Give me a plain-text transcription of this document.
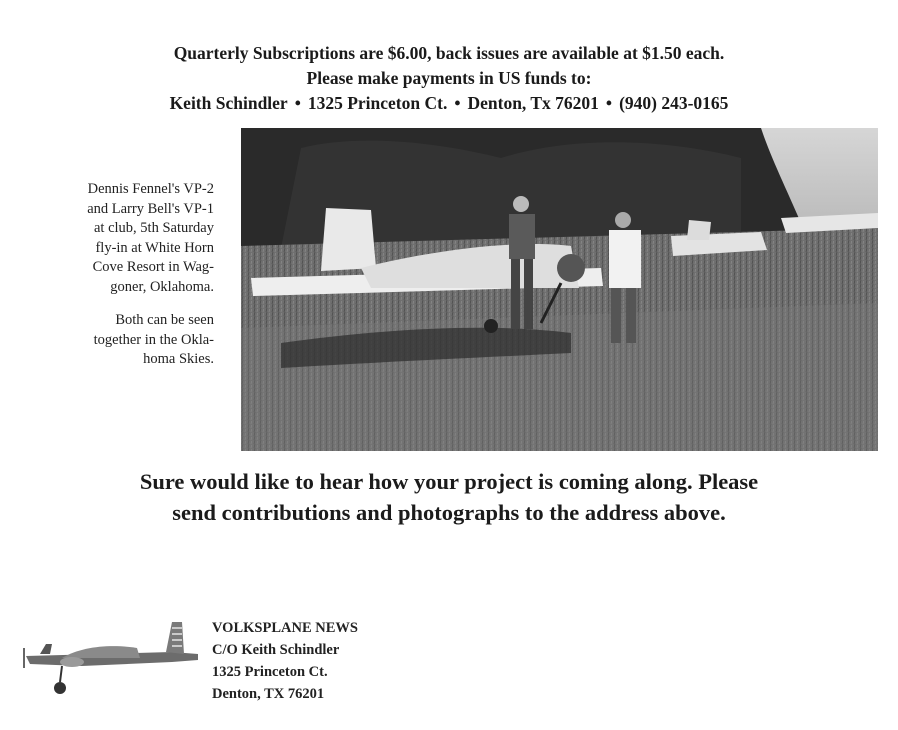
Quarterly Subscriptions are $6.00, back issues are available at $1.50 each.
Please make payments in US funds to:
Keith Schindler • 1325 Princeton Ct. • Denton, Tx 76201 • (940) 243-0165
Dennis Fennel's VP-2
and Larry Bell's VP-1
at club, 5th Saturday
fly-in at White Horn
Cove Resort in Wag-
goner, Oklahoma.
Both can be seen
together in the Okla-
homa Skies.
Sure would like to hear how your project is coming along. Please
send contributions and photographs to the address above.
VOLKSPLANE NEWS
C/O Keith Schindler
1325 Princeton Ct.
Denton, TX 76201
